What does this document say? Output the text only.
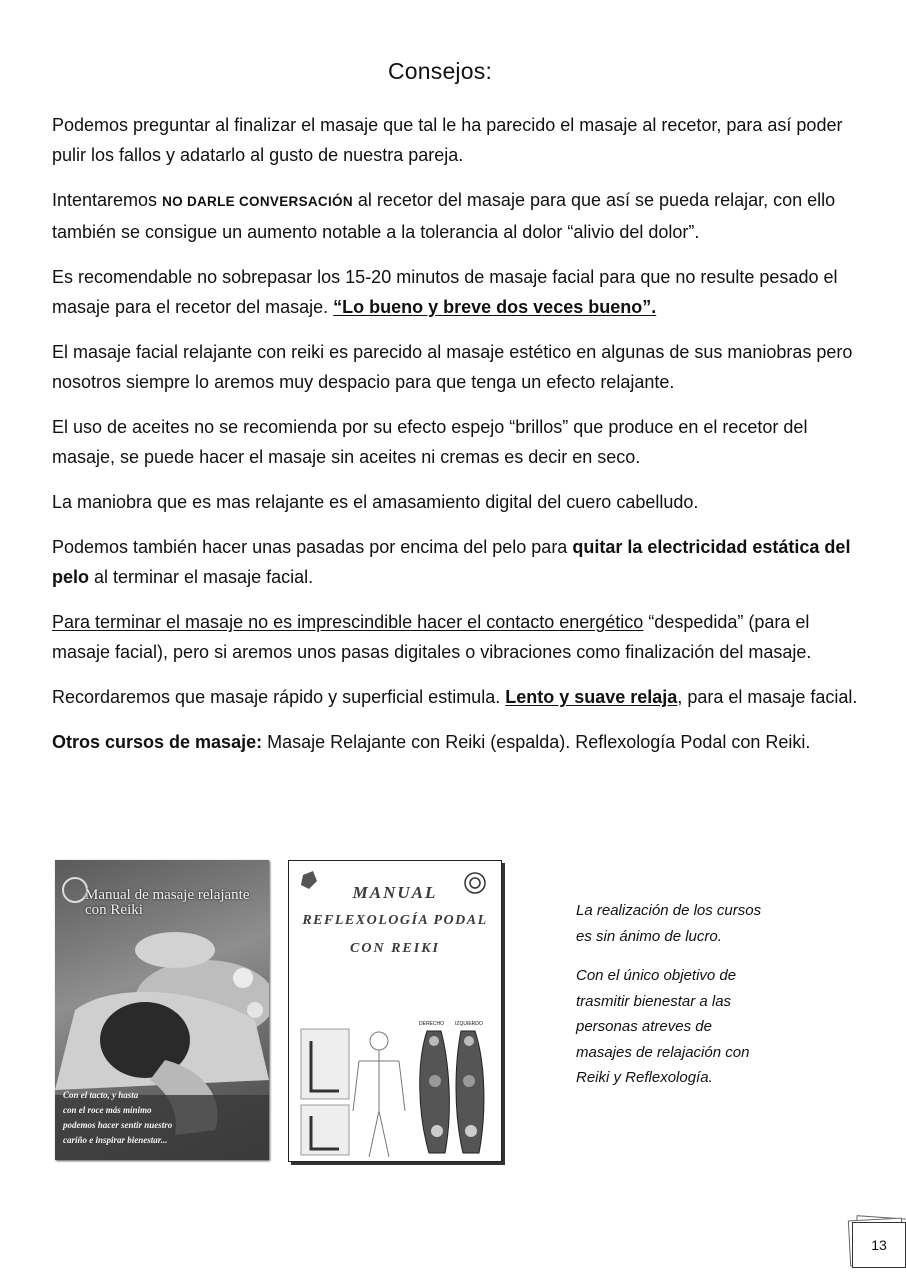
Consejos:

Podemos preguntar al finalizar el masaje que tal le ha parecido el masaje al recetor, para así poder pulir los fallos y adatarlo al gusto de nuestra pareja.

Intentaremos NO DARLE CONVERSACIÓN al recetor del masaje para que así se pueda relajar, con ello también se consigue un aumento notable a la tolerancia al dolor “alivio del dolor”.

Es recomendable no sobrepasar los 15-20 minutos de masaje facial para que no resulte pesado el masaje para el recetor del masaje. “Lo bueno y breve dos veces bueno”.

El masaje facial relajante con reiki es parecido al masaje estético en algunas de sus maniobras pero nosotros siempre lo aremos muy despacio para que tenga un efecto relajante.

El uso de aceites no se recomienda por su efecto espejo “brillos” que produce en el recetor del masaje, se puede hacer el masaje sin aceites ni cremas es decir en seco.

La maniobra que es mas relajante es el amasamiento digital del cuero cabelludo.

Podemos también hacer unas pasadas por encima del pelo para quitar la electricidad estática del pelo al terminar el masaje facial.

Para terminar el masaje no es imprescindible hacer el contacto energético “despedida” (para el masaje facial), pero si aremos unos pasas digitales o vibraciones como finalización del masaje.

Recordaremos que masaje rápido y superficial estimula. Lento y suave relaja, para el masaje facial.

Otros cursos de masaje: Masaje Relajante con Reiki (espalda). Reflexología Podal con Reiki.

Manual de masaje relajante con Reiki
Con el tacto, y hasta
con el roce más mínimo
podemos hacer sentir nuestro
cariño e inspirar bienestar...
MANUAL
REFLEXOLOGÍA PODAL
CON REIKI
DERECHO IZQUIERDO
.

La realización de los cursos
es sin ánimo de lucro.

Con el único objetivo de
trasmitir bienestar a las
personas atreves de
masajes de relajación con
Reiki y Reflexología.

13
